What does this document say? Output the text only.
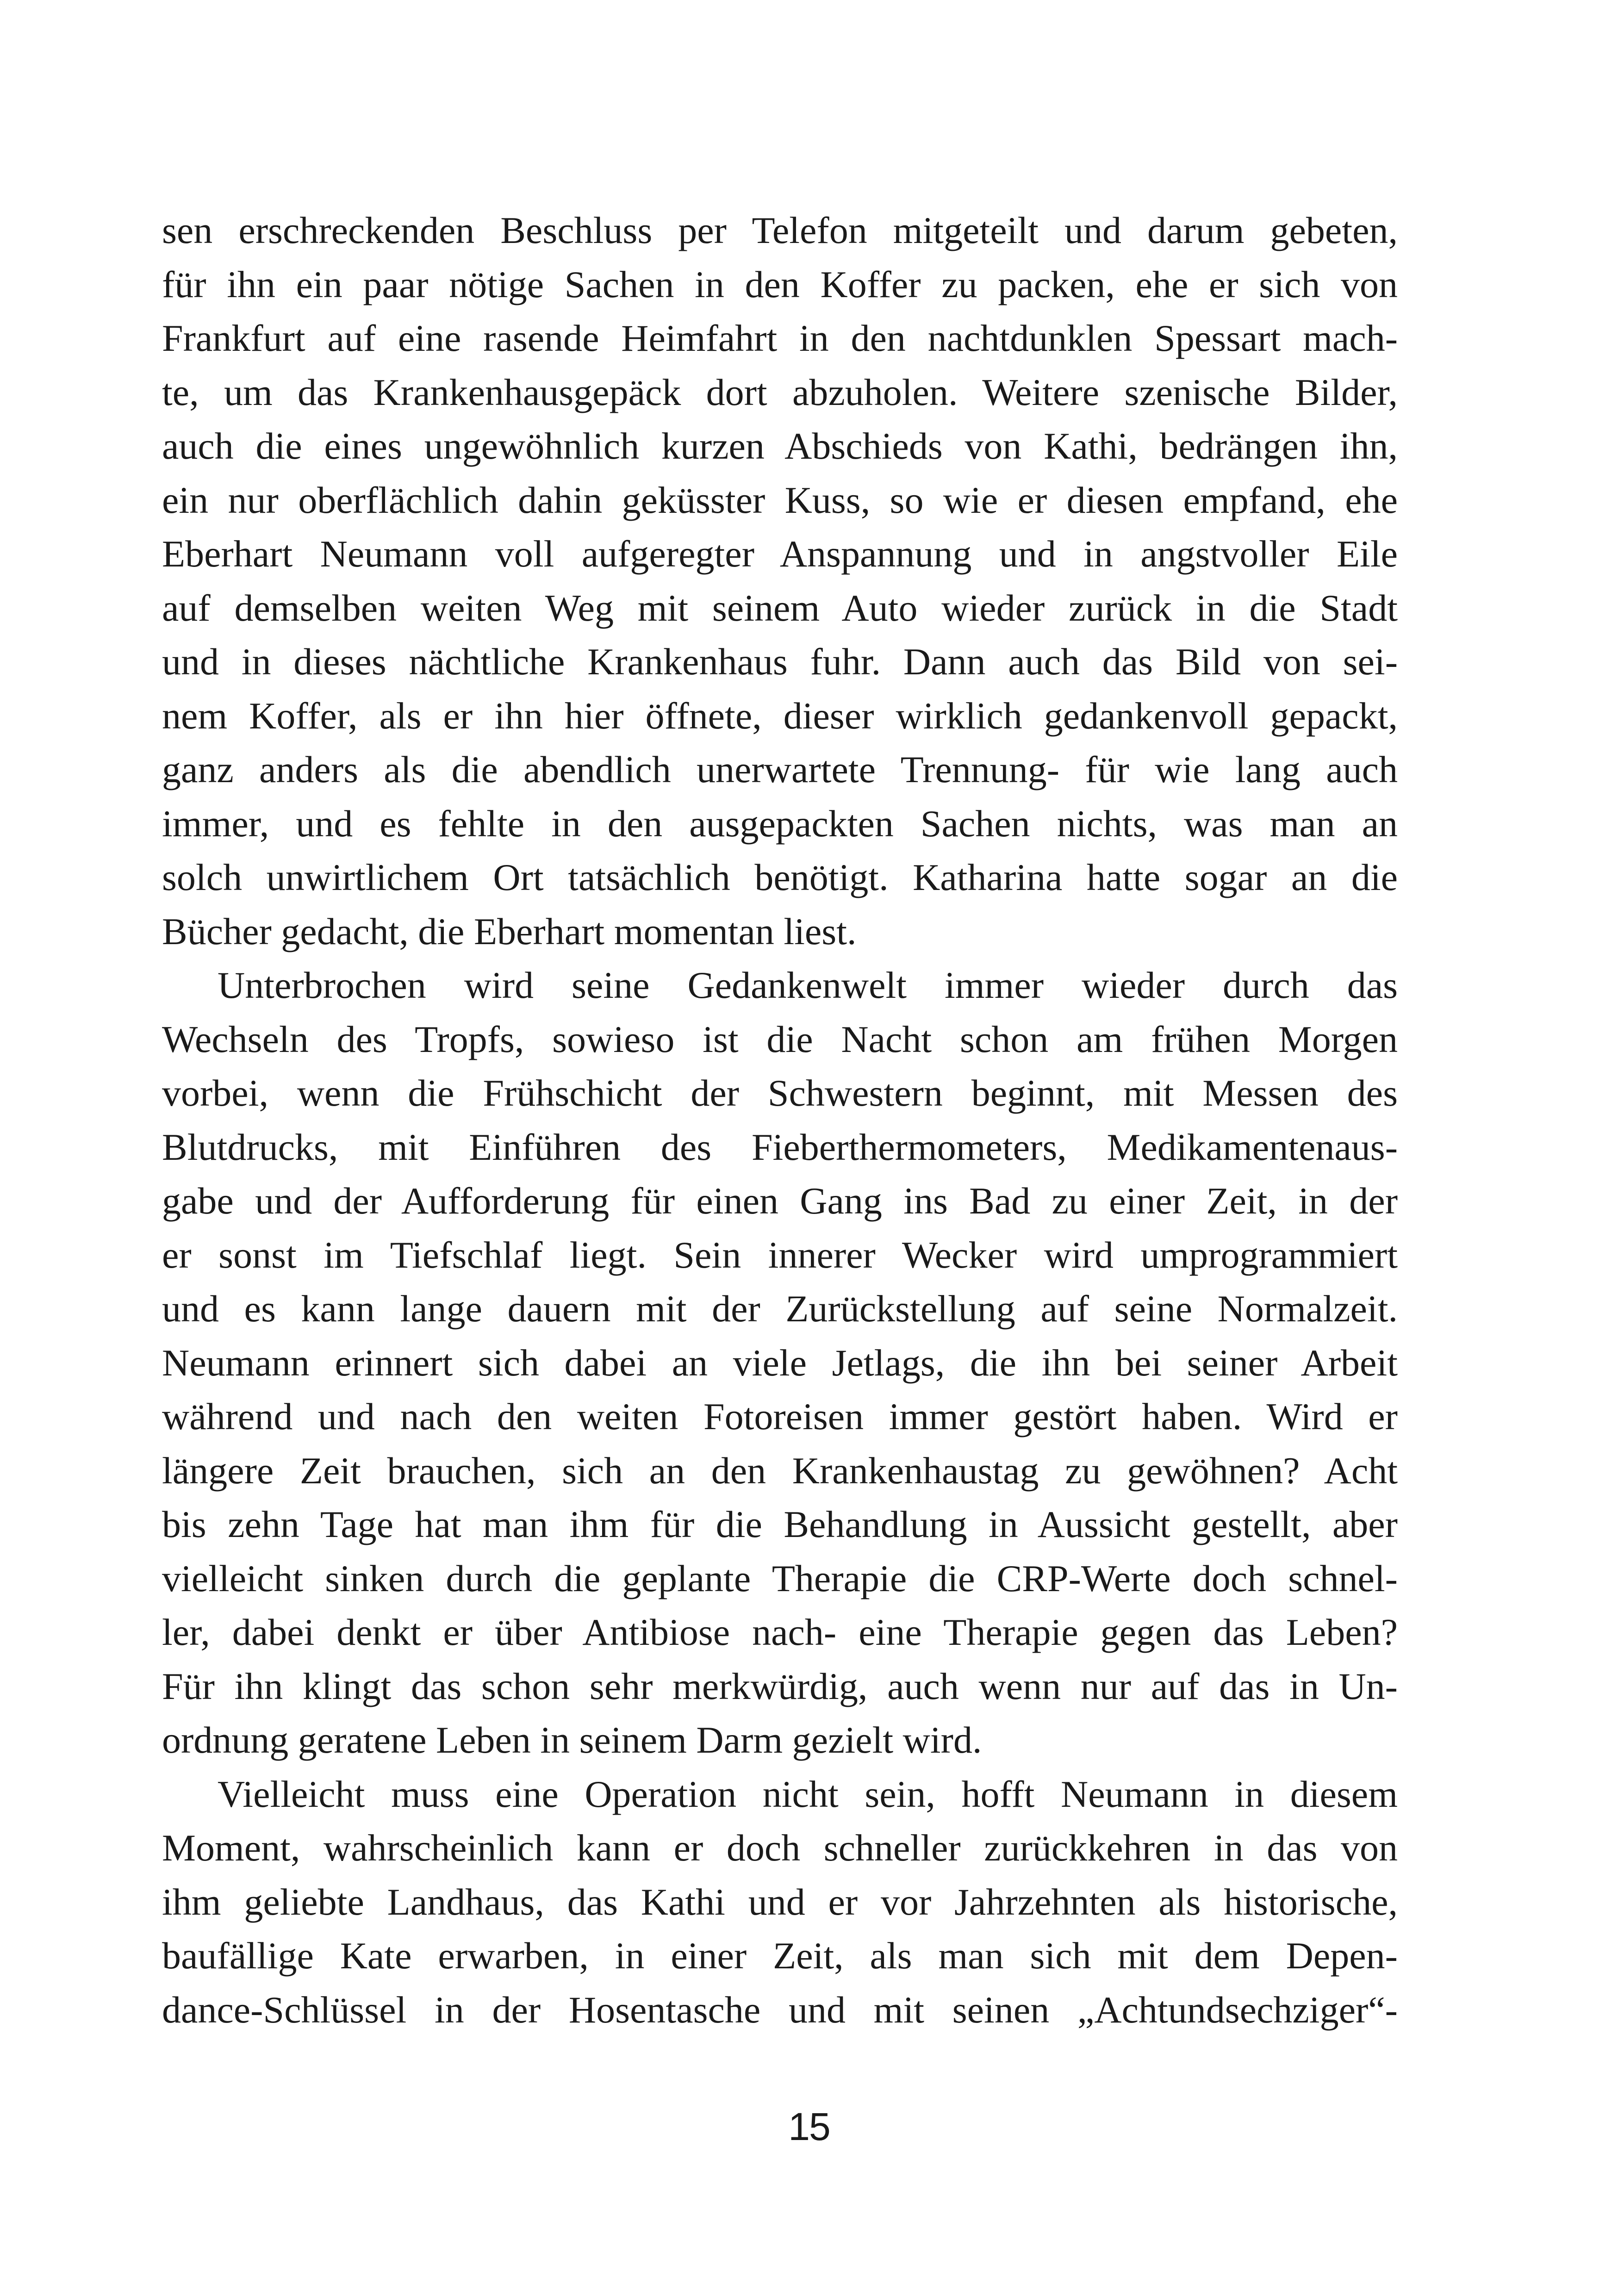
sen erschreckenden Beschluss per Telefon mitgeteilt und darum gebeten,
für ihn ein paar nötige Sachen in den Koffer zu packen, ehe er sich von
Frankfurt auf eine rasende Heimfahrt in den nachtdunklen Spessart mach-
te, um das Krankenhausgepäck dort abzuholen. Weitere szenische Bilder,
auch die eines ungewöhnlich kurzen Abschieds von Kathi, bedrängen ihn,
ein nur oberflächlich dahin geküsster Kuss, so wie er diesen empfand, ehe
Eberhart Neumann voll aufgeregter Anspannung und in angstvoller Eile
auf demselben weiten Weg mit seinem Auto wieder zurück in die Stadt
und in dieses nächtliche Krankenhaus fuhr. Dann auch das Bild von sei-
nem Koffer, als er ihn hier öffnete, dieser wirklich gedankenvoll gepackt,
ganz anders als die abendlich unerwartete Trennung- für wie lang auch
immer, und es fehlte in den ausgepackten Sachen nichts, was man an
solch unwirtlichem Ort tatsächlich benötigt. Katharina hatte sogar an die
Bücher gedacht, die Eberhart momentan liest.
Unterbrochen wird seine Gedankenwelt immer wieder durch das
Wechseln des Tropfs, sowieso ist die Nacht schon am frühen Morgen
vorbei, wenn die Frühschicht der Schwestern beginnt, mit Messen des
Blutdrucks, mit Einführen des Fieberthermometers, Medikamentenaus-
gabe und der Aufforderung für einen Gang ins Bad zu einer Zeit, in der
er sonst im Tiefschlaf liegt. Sein innerer Wecker wird umprogrammiert
und es kann lange dauern mit der Zurückstellung auf seine Normalzeit.
Neumann erinnert sich dabei an viele Jetlags, die ihn bei seiner Arbeit
während und nach den weiten Fotoreisen immer gestört haben. Wird er
längere Zeit brauchen, sich an den Krankenhaustag zu gewöhnen? Acht
bis zehn Tage hat man ihm für die Behandlung in Aussicht gestellt, aber
vielleicht sinken durch die geplante Therapie die CRP-Werte doch schnel-
ler, dabei denkt er über Antibiose nach- eine Therapie gegen das Leben?
Für ihn klingt das schon sehr merkwürdig, auch wenn nur auf das in Un-
ordnung geratene Leben in seinem Darm gezielt wird.
Vielleicht muss eine Operation nicht sein, hofft Neumann in diesem
Moment, wahrscheinlich kann er doch schneller zurückkehren in das von
ihm geliebte Landhaus, das Kathi und er vor Jahrzehnten als historische,
baufällige Kate erwarben, in einer Zeit, als man sich mit dem Depen-
dance-Schlüssel in der Hosentasche und mit seinen „Achtundsechziger“-
15
